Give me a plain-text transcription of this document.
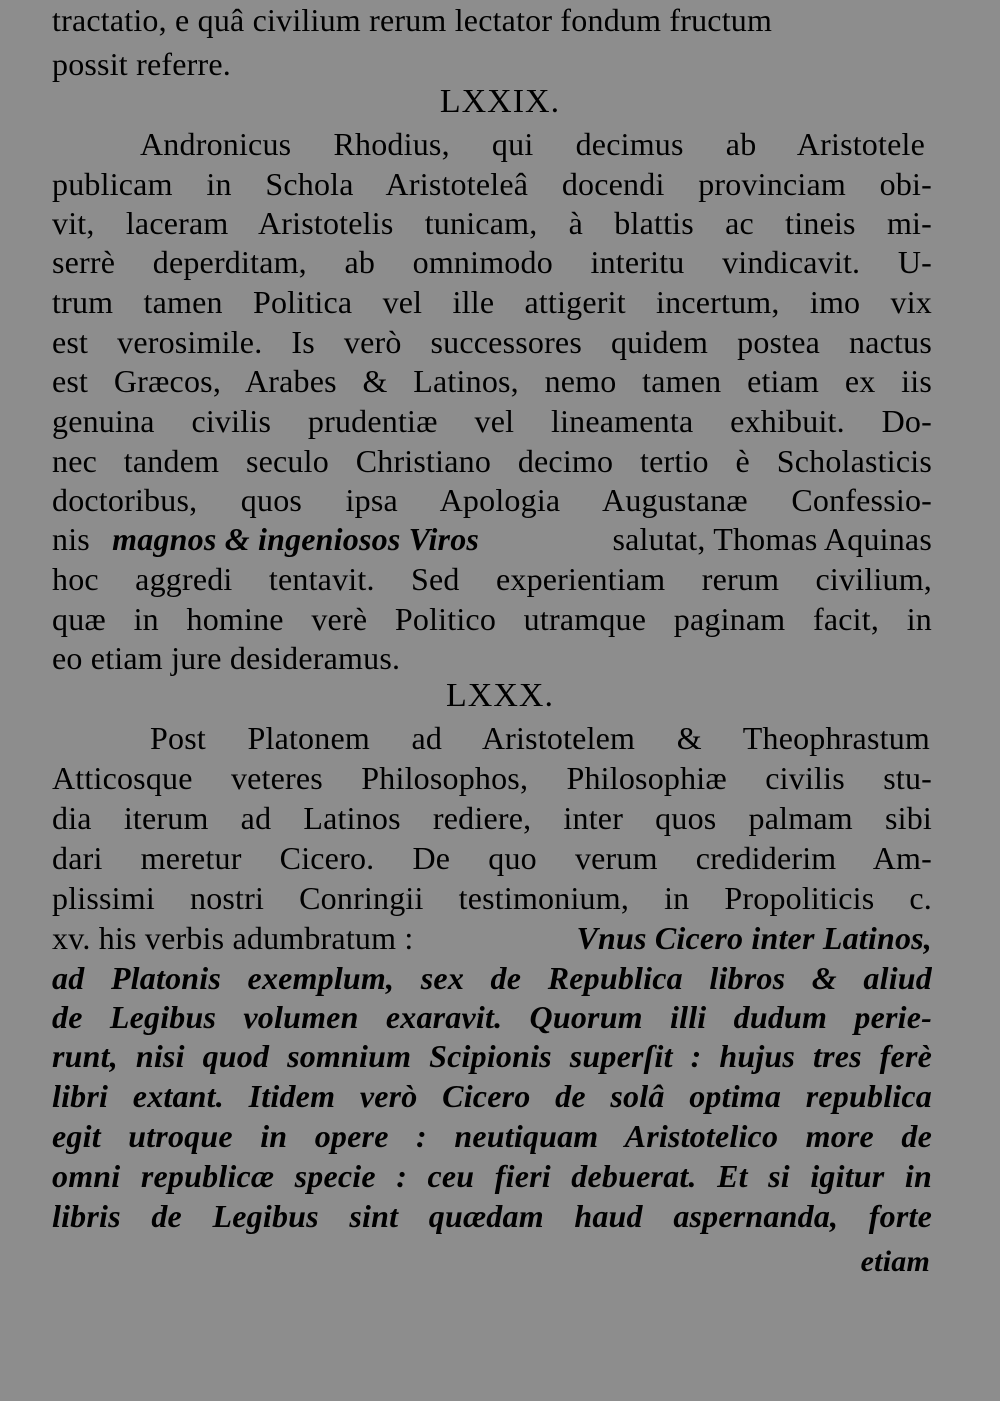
tractatio, e quâ civilium rerum lectator fondum fructum
possit referre.
LXXIX.
Andronicus Rhodius, qui decimus ab Aristotele
publicam in Schola Aristoteleâ docendi provinciam obi-
vit, laceram Aristotelis tunicam, à blattis ac tineis mi-
serrè deperditam, ab omnimodo interitu vindicavit. U-
trum tamen Politica vel ille attigerit incertum, imo vix
est verosimile. Is verò successores quidem postea nactus
est Græcos, Arabes & Latinos, nemo tamen etiam ex iis
genuina civilis prudentiæ vel lineamenta exhibuit. Do-
nec tandem seculo Christiano decimo tertio è Scholasticis
doctoribus, quos ipsa Apologia Augustanæ Confessio-
nis magnos & ingeniosos Viros	salutat, Thomas Aquinas
hoc aggredi tentavit. Sed experientiam rerum civilium,
quæ in homine verè Politico utramque paginam facit, in
eo etiam jure desideramus.
LXXX.
Post Platonem ad Aristotelem & Theophrastum
Atticosque veteres Philosophos, Philosophiæ civilis stu-
dia iterum ad Latinos rediere, inter quos palmam sibi
dari meretur Cicero. De quo verum crediderim Am-
plissimi nostri Conringii testimonium, in Propoliticis c.
xv. his verbis adumbratum :	Vnus Cicero inter Latinos,
ad Platonis exemplum, sex de Republica libros & aliud
de Legibus volumen exaravit. Quorum illi dudum perie-
runt, nisi quod somnium Scipionis superſit : hujus tres ferè
libri extant. Itidem verò Cicero de solâ optima republica
egit utroque in opere : neutiquam Aristotelico more de
omni republicæ specie : ceu fieri debuerat. Et si igitur in
libris de Legibus sint quædam haud aspernanda, forte
etiam
